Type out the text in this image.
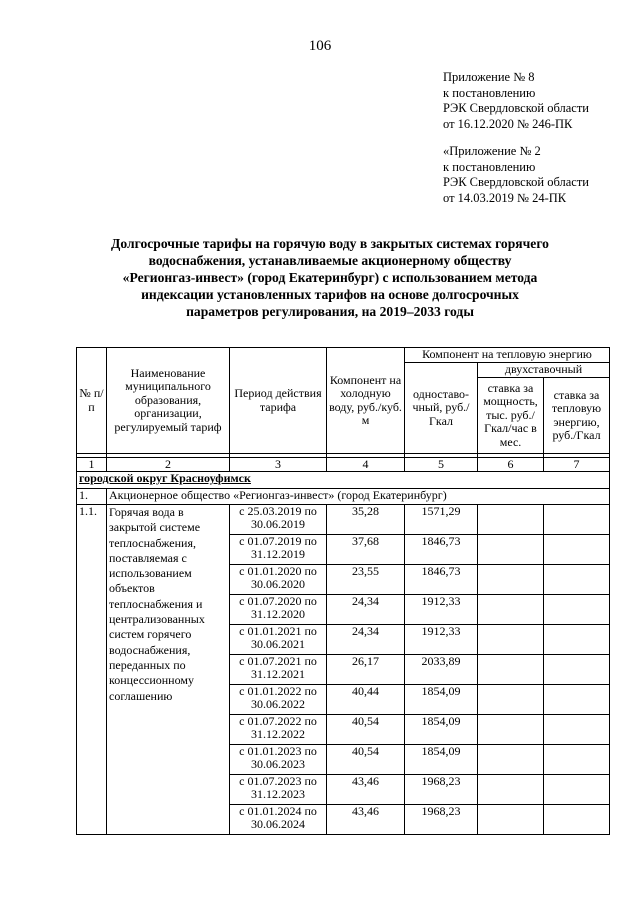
106
Приложение № 8
к постановлению
РЭК Свердловской области
от 16.12.2020 № 246-ПК
«Приложение № 2
к постановлению
РЭК Свердловской области
от 14.03.2019 № 24-ПК
Долгосрочные тарифы на горячую воду в закрытых системах горячего
водоснабжения, устанавливаемые акционерному обществу
«Регионгаз-инвест» (город Екатеринбург) с использованием метода
индексации установленных тарифов на основе долгосрочных
параметров регулирования, на 2019–2033 годы
№ п/п	Наименование муниципального образования, организации, регулируемый тариф	Период действия тарифа	Компонент на холодную воду, руб./куб. м	Компонент на тепловую энергию		
				одноставо-чный, руб./Гкал	двухставочный	
					ставка за мощность, тыс. руб./Гкал/час в мес.	ставка за тепловую энергию, руб./Гкал

1	2	3	4	5	6	7
городской округ Красноуфимск						
1.	Акционерное общество «Регионгаз-инвест» (город Екатеринбург)					
1.1.	Горячая вода в закрытой системе теплоснабжения, поставляемая с использованием объектов теплоснабжения и централизованных систем горячего водоснабжения, переданных по концессионному соглашению	с 25.03.2019 по 30.06.2019	35,28	1571,29		
		с 01.07.2019 по 31.12.2019	37,68	1846,73		
		с 01.01.2020 по 30.06.2020	23,55	1846,73		
		с 01.07.2020 по 31.12.2020	24,34	1912,33		
		с 01.01.2021 по 30.06.2021	24,34	1912,33		
		с 01.07.2021 по 31.12.2021	26,17	2033,89		
		с 01.01.2022 по 30.06.2022	40,44	1854,09		
		с 01.07.2022 по 31.12.2022	40,54	1854,09		
		с 01.01.2023 по 30.06.2023	40,54	1854,09		
		с 01.07.2023 по 31.12.2023	43,46	1968,23		
		с 01.01.2024 по 30.06.2024	43,46	1968,23		
